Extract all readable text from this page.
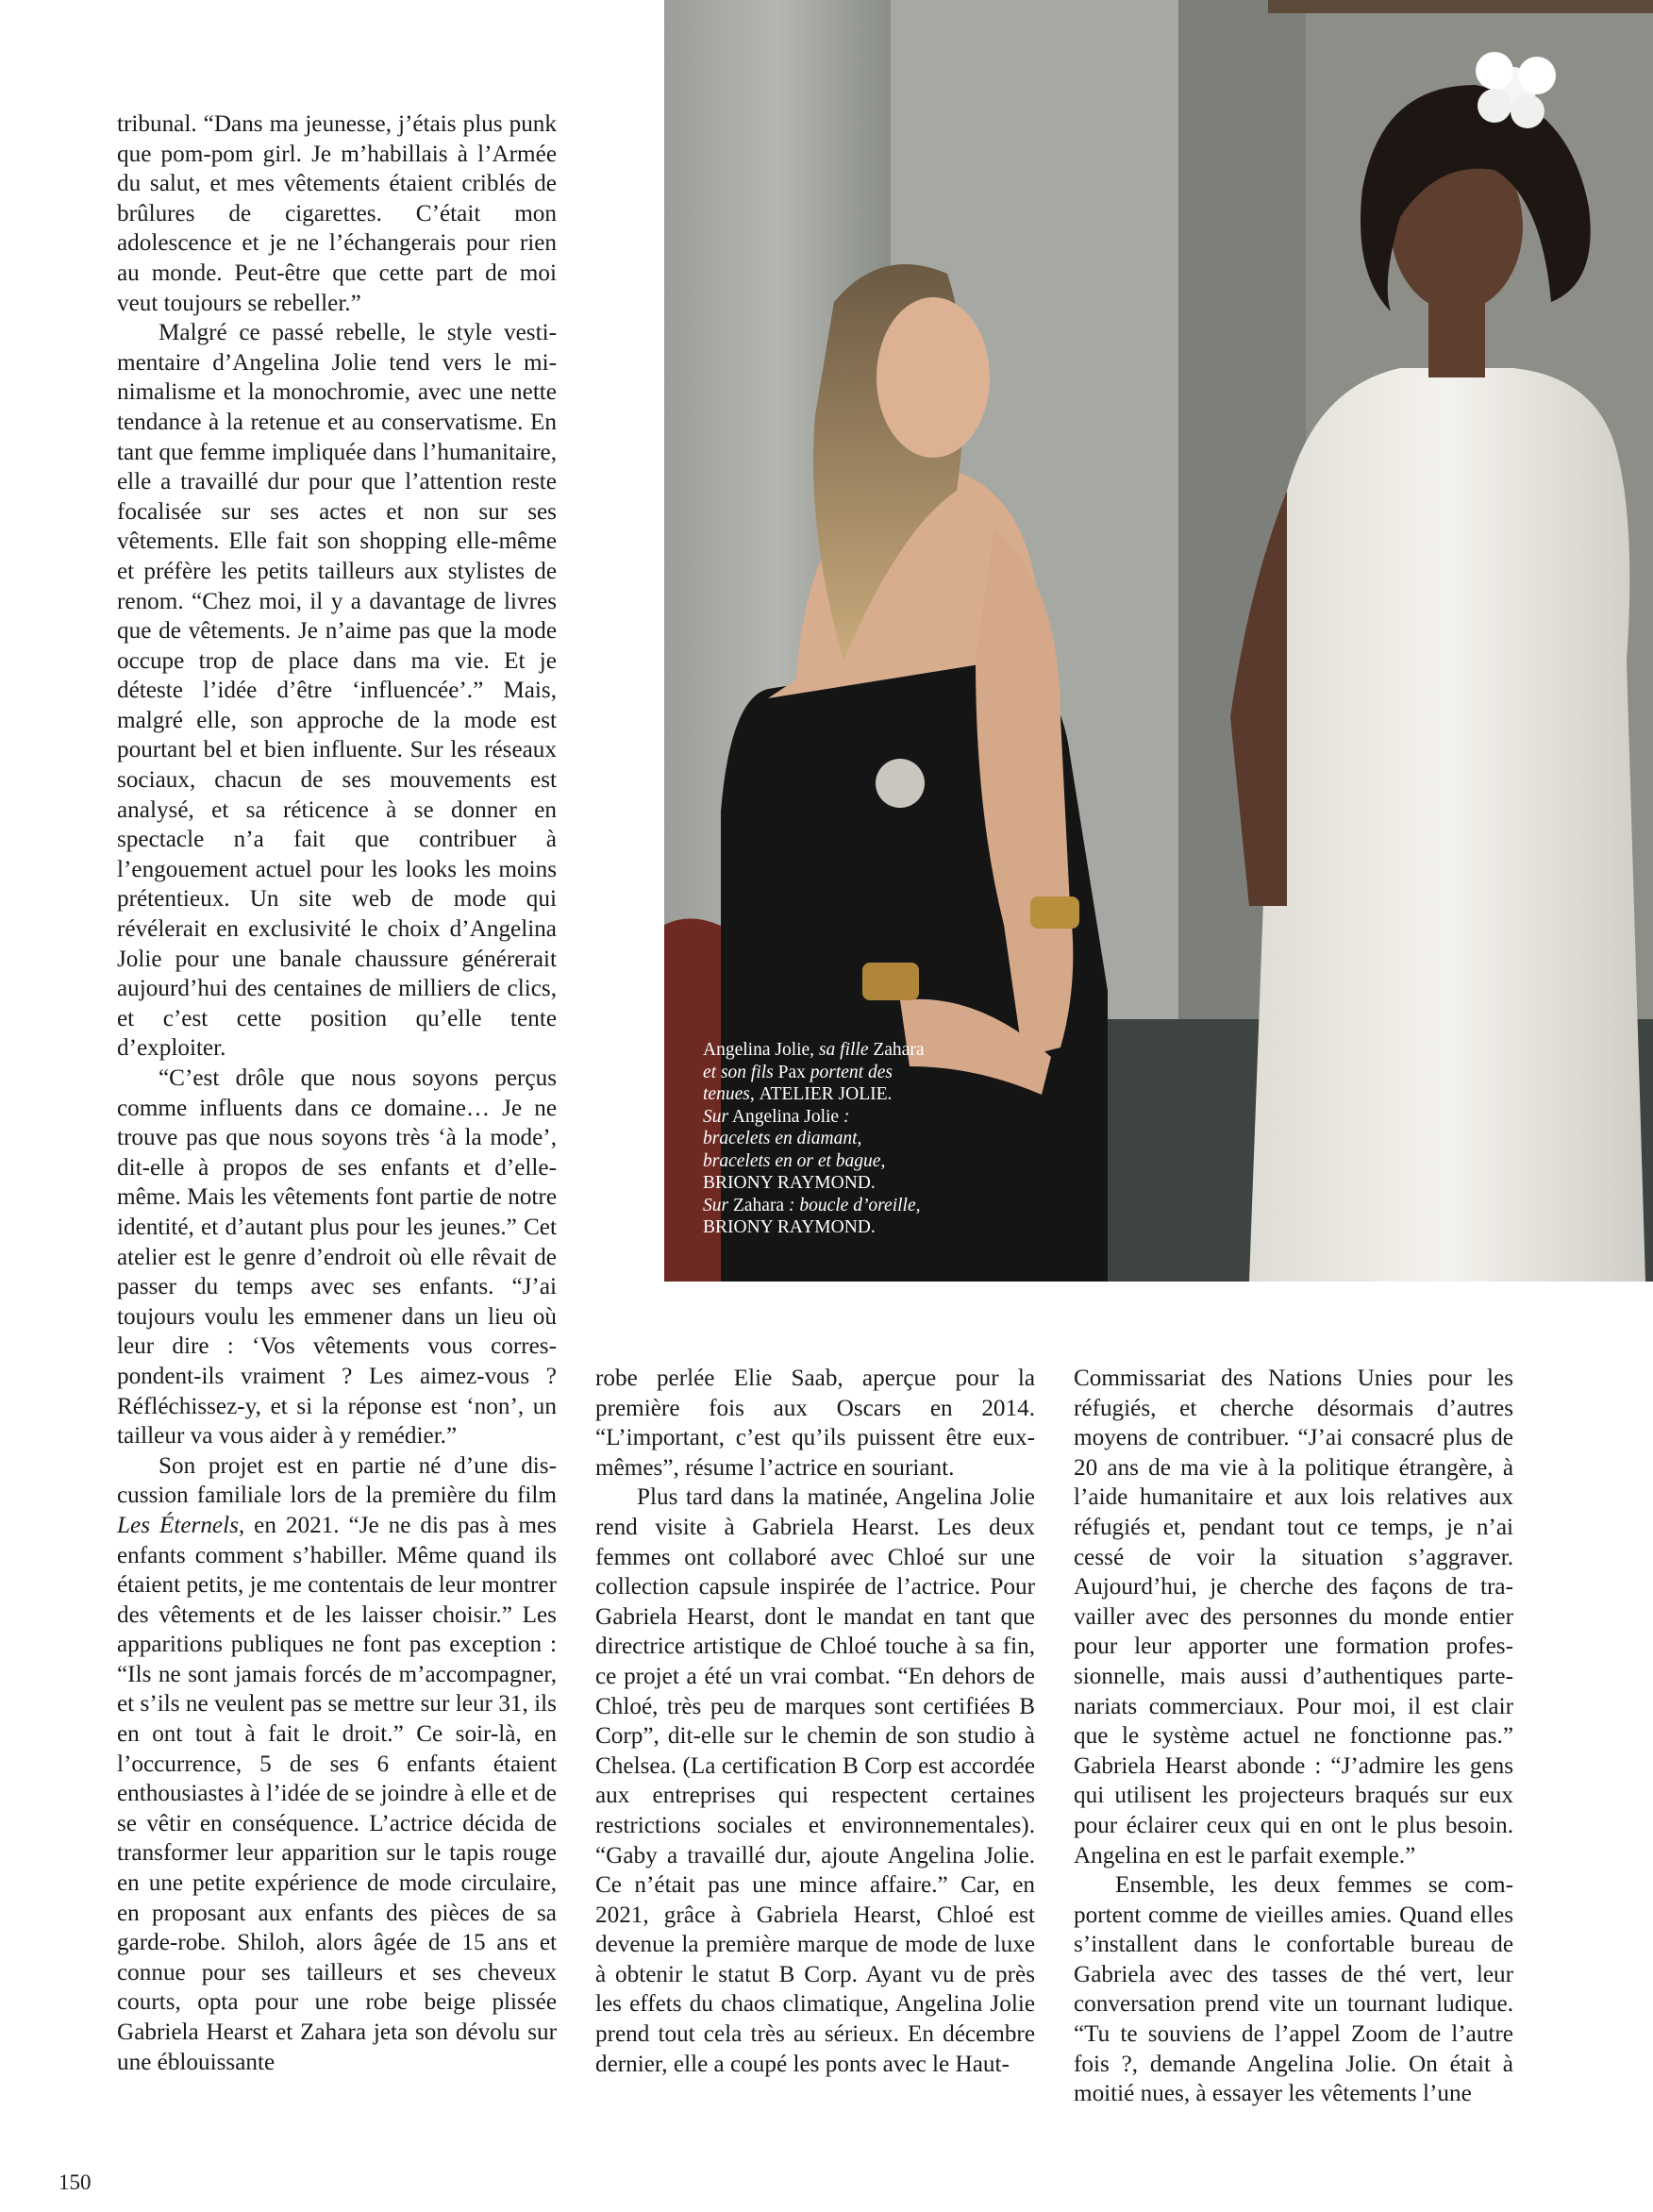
tribunal. “Dans ma jeunesse, j’étais plus punk que pom-pom girl. Je m’habillais à l’Armée du salut, et mes vêtements étaient criblés de brûlures de cigarettes. C’était mon adolescence et je ne l’échangerais pour rien au monde. Peut-être que cette part de moi veut toujours se rebeller.”

Malgré ce passé rebelle, le style vestimentaire d’Angelina Jolie tend vers le minimalisme et la monochromie, avec une nette tendance à la retenue et au conservatisme. En tant que femme impliquée dans l’humanitaire, elle a travaillé dur pour que l’attention reste focalisée sur ses actes et non sur ses vêtements. Elle fait son shopping elle-même et préfère les petits tailleurs aux stylistes de renom. “Chez moi, il y a davantage de livres que de vêtements. Je n’aime pas que la mode occupe trop de place dans ma vie. Et je déteste l’idée d’être ‘influencée’.” Mais, malgré elle, son approche de la mode est pourtant bel et bien influente. Sur les réseaux sociaux, chacun de ses mouvements est analysé, et sa réticence à se donner en spectacle n’a fait que contribuer à l’engouement actuel pour les looks les moins prétentieux. Un site web de mode qui révélerait en exclusivité le choix d’Angelina Jolie pour une banale chaussure générerait aujourd’hui des centaines de milliers de clics, et c’est cette position qu’elle tente d’exploiter.

“C’est drôle que nous soyons perçus comme influents dans ce domaine… Je ne trouve pas que nous soyons très ‘à la mode’, dit-elle à propos de ses enfants et d’elle-même. Mais les vêtements font partie de notre identité, et d’autant plus pour les jeunes.” Cet atelier est le genre d’endroit où elle rêvait de passer du temps avec ses enfants. “J’ai toujours voulu les emmener dans un lieu où leur dire : ‘Vos vêtements vous correspondent-ils vraiment ? Les aimez-vous ? Réfléchissez-y, et si la réponse est ‘non’, un tailleur va vous aider à y remédier.”

Son projet est en partie né d’une discussion familiale lors de la première du film Les Éternels, en 2021. “Je ne dis pas à mes enfants comment s’habiller. Même quand ils étaient petits, je me contentais de leur montrer des vêtements et de les laisser choisir.” Les apparitions publiques ne font pas exception : “Ils ne sont jamais forcés de m’accompagner, et s’ils ne veulent pas se mettre sur leur 31, ils en ont tout à fait le droit.” Ce soir-là, en l’occurrence, 5 de ses 6 enfants étaient enthousiastes à l’idée de se joindre à elle et de se vêtir en conséquence. L’actrice décida de transformer leur apparition sur le tapis rouge en une petite expérience de mode circulaire, en proposant aux enfants des pièces de sa garde-robe. Shiloh, alors âgée de 15 ans et connue pour ses tailleurs et ses cheveux courts, opta pour une robe beige plissée Gabriela Hearst et Zahara jeta son dévolu sur une éblouissante

Angelina Jolie, sa fille Zahara
et son fils Pax portent des
tenues, ATELIER JOLIE.
Sur Angelina Jolie :
bracelets en diamant,
bracelets en or et bague,
BRIONY RAYMOND.
Sur Zahara : boucle d’oreille,
BRIONY RAYMOND.

robe perlée Elie Saab, aperçue pour la première fois aux Oscars en 2014. “L’important, c’est qu’ils puissent être eux-mêmes”, résume l’actrice en souriant.

Plus tard dans la matinée, Angelina Jolie rend visite à Gabriela Hearst. Les deux femmes ont collaboré avec Chloé sur une collection capsule inspirée de l’actrice. Pour Gabriela Hearst, dont le mandat en tant que directrice artistique de Chloé touche à sa fin, ce projet a été un vrai combat. “En dehors de Chloé, très peu de marques sont certifiées B Corp”, dit-elle sur le chemin de son studio à Chelsea. (La certification B Corp est accordée aux entreprises qui respectent certaines restrictions sociales et environnementales). “Gaby a travaillé dur, ajoute Angelina Jolie. Ce n’était pas une mince affaire.” Car, en 2021, grâce à Gabriela Hearst, Chloé est devenue la première marque de mode de luxe à obtenir le statut B Corp. Ayant vu de près les effets du chaos climatique, Angelina Jolie prend tout cela très au sérieux. En décembre dernier, elle a coupé les ponts avec le Haut-

Commissariat des Nations Unies pour les réfugiés, et cherche désormais d’autres moyens de contribuer. “J’ai consacré plus de 20 ans de ma vie à la politique étrangère, à l’aide humanitaire et aux lois relatives aux réfugiés et, pendant tout ce temps, je n’ai cessé de voir la situation s’aggraver. Aujourd’hui, je cherche des façons de travailler avec des personnes du monde entier pour leur apporter une formation professionnelle, mais aussi d’authentiques partenariats commerciaux. Pour moi, il est clair que le système actuel ne fonctionne pas.” Gabriela Hearst abonde : “J’admire les gens qui utilisent les projecteurs braqués sur eux pour éclairer ceux qui en ont le plus besoin. Angelina en est le parfait exemple.”

Ensemble, les deux femmes se comportent comme de vieilles amies. Quand elles s’installent dans le confortable bureau de Gabriela avec des tasses de thé vert, leur conversation prend vite un tournant ludique. “Tu te souviens de l’appel Zoom de l’autre fois ?, demande Angelina Jolie. On était à moitié nues, à essayer les vêtements l’une

150
